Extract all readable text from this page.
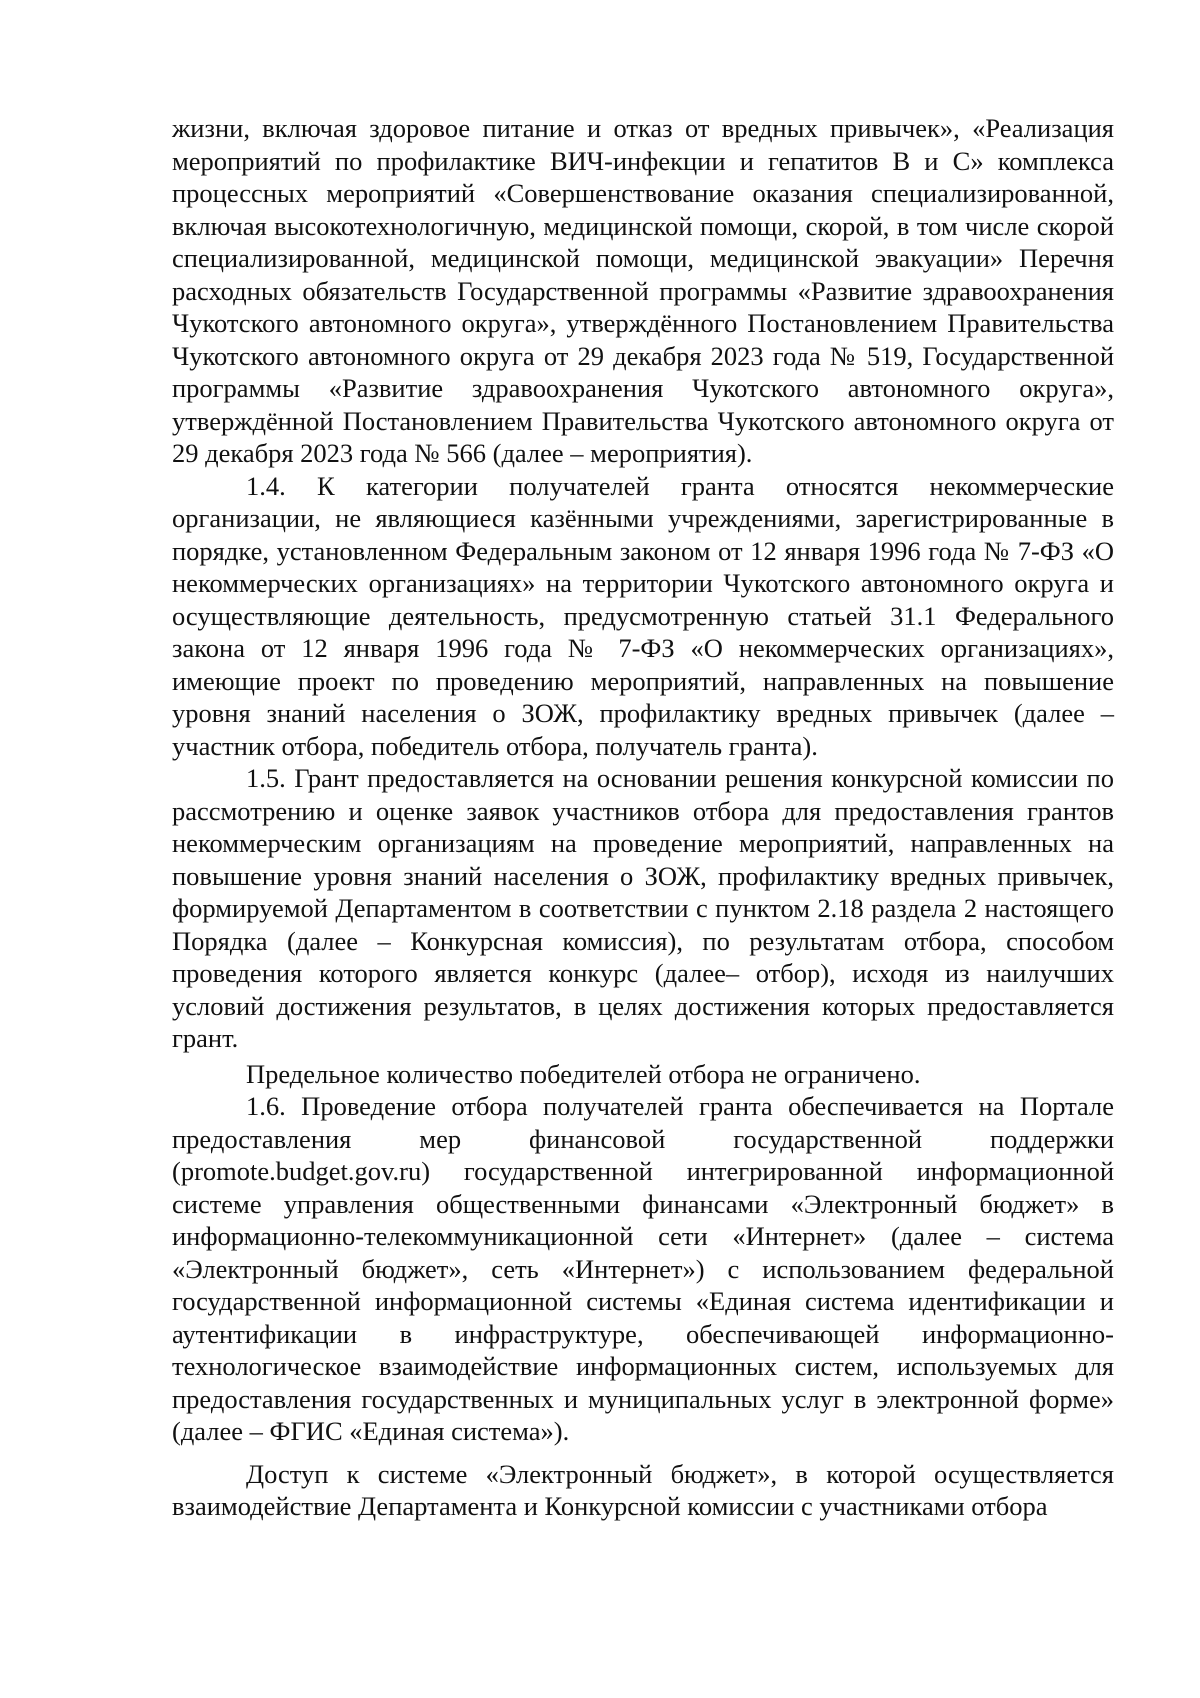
жизни, включая здоровое питание и отказ от вредных привычек», «Реализация мероприятий по профилактике ВИЧ-инфекции и гепатитов В и С» комплекса процессных мероприятий «Совершенствование оказания специализированной, включая высокотехнологичную, медицинской помощи, скорой, в том числе скорой специализированной, медицинской помощи, медицинской эвакуации» Перечня расходных обязательств Государственной программы «Развитие здравоохранения Чукотского автономного округа», утверждённого Постановлением Правительства Чукотского автономного округа от 29 декабря 2023 года № 519, Государственной программы «Развитие здравоохранения Чукотского автономного округа», утверждённой Постановлением Правительства Чукотского автономного округа от 29 декабря 2023 года № 566 (далее – мероприятия).

1.4. К категории получателей гранта относятся некоммерческие организации, не являющиеся казёнными учреждениями, зарегистрированные в порядке, установленном Федеральным законом от 12 января 1996 года № 7-ФЗ «О некоммерческих организациях» на территории Чукотского автономного округа и осуществляющие деятельность, предусмотренную статьей 31.1 Федерального закона от 12 января 1996 года № 7-ФЗ «О некоммерческих организациях», имеющие проект по проведению мероприятий, направленных на повышение уровня знаний населения о ЗОЖ, профилактику вредных привычек (далее – участник отбора, победитель отбора, получатель гранта).

1.5. Грант предоставляется на основании решения конкурсной комиссии по рассмотрению и оценке заявок участников отбора для предоставления грантов некоммерческим организациям на проведение мероприятий, направленных на повышение уровня знаний населения о ЗОЖ, профилактику вредных привычек, формируемой Департаментом в соответствии с пунктом 2.18 раздела 2 настоящего Порядка (далее – Конкурсная комиссия), по результатам отбора, способом проведения которого является конкурс (далее– отбор), исходя из наилучших условий достижения результатов, в целях достижения которых предоставляется грант.

Предельное количество победителей отбора не ограничено.

1.6. Проведение отбора получателей гранта обеспечивается на Портале предоставления мер финансовой государственной поддержки (promote.budget.gov.ru) государственной интегрированной информационной системе управления общественными финансами «Электронный бюджет» в информационно-телекоммуникационной сети «Интернет» (далее – система «Электронный бюджет», сеть «Интернет») с использованием федеральной государственной информационной системы «Единая система идентификации и аутентификации в инфраструктуре, обеспечивающей информационно-технологическое взаимодействие информационных систем, используемых для предоставления государственных и муниципальных услуг в электронной форме» (далее – ФГИС «Единая система»).

Доступ к системе «Электронный бюджет», в которой осуществляется взаимодействие Департамента и Конкурсной комиссии с участниками отбора
